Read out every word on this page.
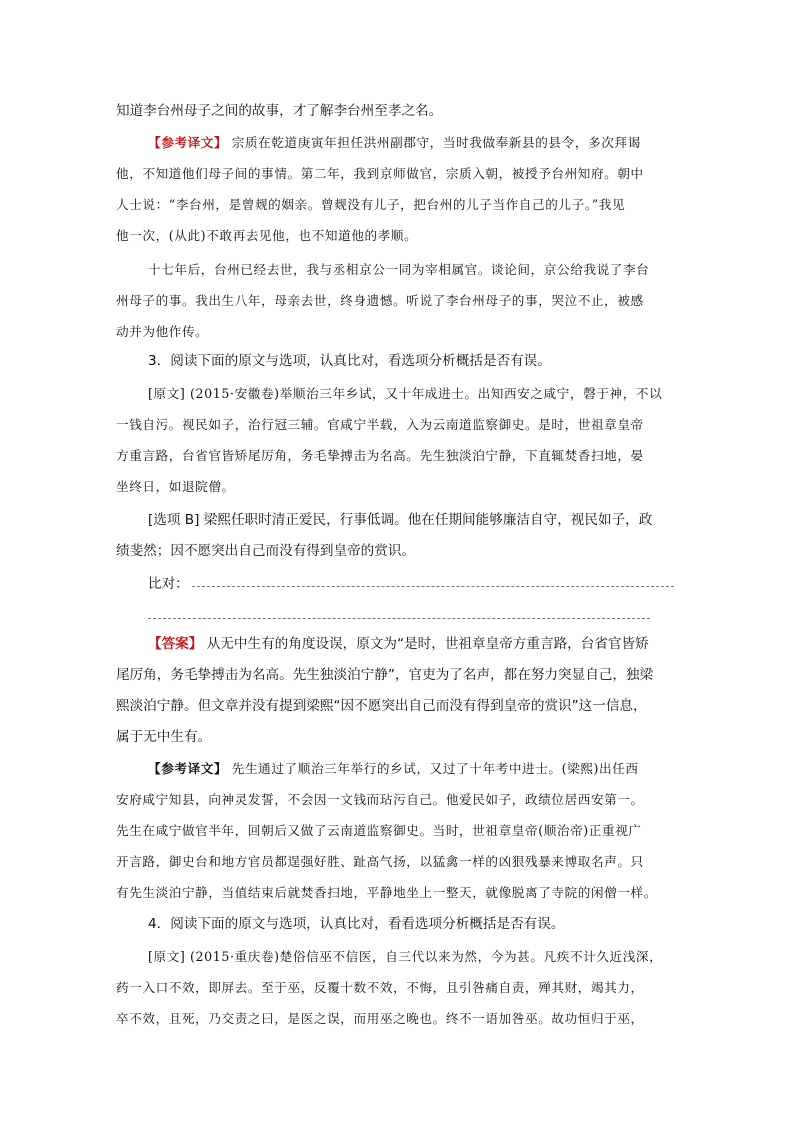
知道李台州母子之间的故事，才了解李台州至孝之名。
【参考译文】 宗质在乾道庚寅年担任洪州副郡守，当时我做奉新县的县令，多次拜谒
他，不知道他们母子间的事情。第二年，我到京师做官，宗质入朝，被授予台州知府。朝中
人士说：“李台州，是曾觌的姻亲。曾觌没有儿子，把台州的儿子当作自己的儿子。”我见
他一次，(从此)不敢再去见他，也不知道他的孝顺。
十七年后，台州已经去世，我与丞相京公一同为宰相属官。谈论间，京公给我说了李台
州母子的事。我出生八年，母亲去世，终身遗憾。听说了李台州母子的事，哭泣不止，被感
动并为他作传。
3．阅读下面的原文与选项，认真比对，看选项分析概括是否有误。
[原文] (2015·安徽卷)举顺治三年乡试，又十年成进士。出知西安之咸宁，磬于神，不以
一钱自污。视民如子，治行冠三辅。官咸宁半载，入为云南道监察御史。是时，世祖章皇帝
方重言路，台省官皆矫尾厉角，务毛挚搏击为名高。先生独淡泊宁静，下直辄焚香扫地，晏
坐终日，如退院僧。
[选项 B] 梁熙任职时清正爱民，行事低调。他在任期间能够廉洁自守，视民如子，政
绩斐然；因不愿突出自己而没有得到皇帝的赏识。
比对：
【答案】 从无中生有的角度设误，原文为“是时，世祖章皇帝方重言路，台省官皆矫
尾厉角，务毛挚搏击为名高。先生独淡泊宁静”，官吏为了名声，都在努力突显自己，独梁
熙淡泊宁静。但文章并没有提到梁熙“因不愿突出自己而没有得到皇帝的赏识”这一信息，
属于无中生有。
【参考译文】 先生通过了顺治三年举行的乡试，又过了十年考中进士。(梁熙)出任西
安府咸宁知县，向神灵发誓，不会因一文钱而玷污自己。他爱民如子，政绩位居西安第一。
先生在咸宁做官半年，回朝后又做了云南道监察御史。当时，世祖章皇帝(顺治帝)正重视广
开言路，御史台和地方官员都逞强好胜、趾高气扬，以猛禽一样的凶狠残暴来博取名声。只
有先生淡泊宁静，当值结束后就焚香扫地，平静地坐上一整天，就像脱离了寺院的闲僧一样。
4．阅读下面的原文与选项，认真比对，看看选项分析概括是否有误。
[原文] (2015·重庆卷)楚俗信巫不信医，自三代以来为然，今为甚。凡疾不计久近浅深，
药一入口不效，即屏去。至于巫，反覆十数不效，不悔，且引咎痛自责，殚其财，竭其力，
卒不效，且死，乃交责之曰，是医之误，而用巫之晚也。终不一语加咎巫。故功恒归于巫，
